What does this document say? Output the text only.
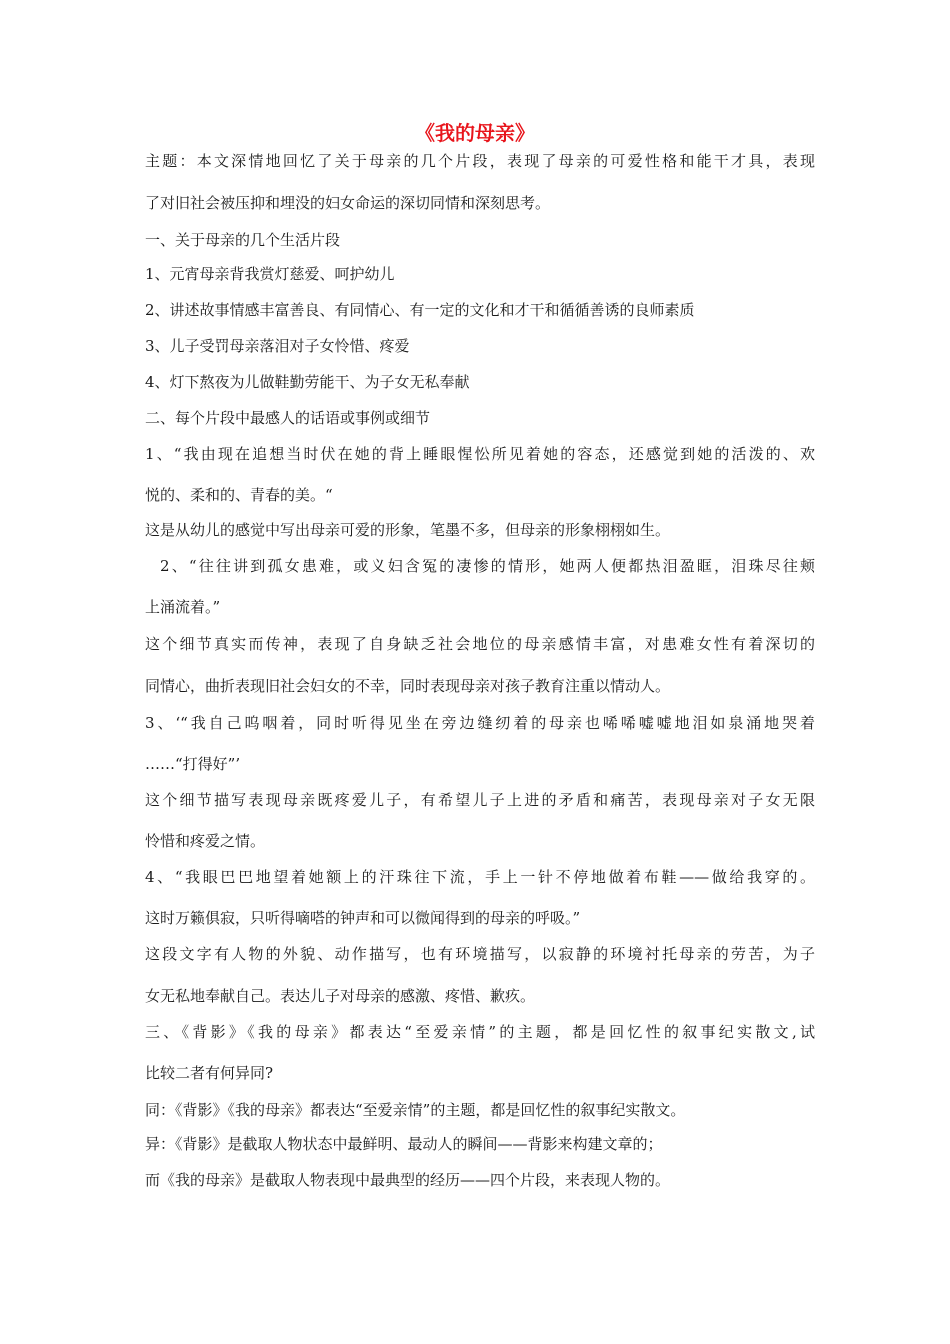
《我的母亲》
主题：本文深情地回忆了关于母亲的几个片段，表现了母亲的可爱性格和能干才具，表现
了对旧社会被压抑和埋没的妇女命运的深切同情和深刻思考。
一、关于母亲的几个生活片段
1、元宵母亲背我赏灯慈爱、呵护幼儿
2、讲述故事情感丰富善良、有同情心、有一定的文化和才干和循循善诱的良师素质
3、儿子受罚母亲落泪对子女怜惜、疼爱
4、灯下熬夜为儿做鞋勤劳能干、为子女无私奉献
二、每个片段中最感人的话语或事例或细节
1、“我由现在追想当时伏在她的背上睡眼惺忪所见着她的容态，还感觉到她的活泼的、欢
悦的、柔和的、青春的美。“
这是从幼儿的感觉中写出母亲可爱的形象，笔墨不多，但母亲的形象栩栩如生。
2、“往往讲到孤女患难，或义妇含冤的凄惨的情形，她两人便都热泪盈眶，泪珠尽往颊
上涌流着。”
这个细节真实而传神，表现了自身缺乏社会地位的母亲感情丰富，对患难女性有着深切的
同情心，曲折表现旧社会妇女的不幸，同时表现母亲对孩子教育注重以情动人。
3、‘“我自己呜咽着，同时听得见坐在旁边缝纫着的母亲也唏唏嘘嘘地泪如泉涌地哭着
……“打得好”’
这个细节描写表现母亲既疼爱儿子，有希望儿子上进的矛盾和痛苦，表现母亲对子女无限
怜惜和疼爱之情。
4、“我眼巴巴地望着她额上的汗珠往下流，手上一针不停地做着布鞋——做给我穿的。
这时万籁俱寂，只听得嘀嗒的钟声和可以微闻得到的母亲的呼吸。”
这段文字有人物的外貌、动作描写，也有环境描写，以寂静的环境衬托母亲的劳苦，为子
女无私地奉献自己。表达儿子对母亲的感激、疼惜、歉疚。
三、《背影》《我的母亲》都表达“至爱亲情”的主题，都是回忆性的叙事纪实散文,试
比较二者有何异同?
同：《背影》《我的母亲》都表达“至爱亲情”的主题，都是回忆性的叙事纪实散文。
异：《背影》是截取人物状态中最鲜明、最动人的瞬间——背影来构建文章的；
而《我的母亲》是截取人物表现中最典型的经历——四个片段，来表现人物的。
